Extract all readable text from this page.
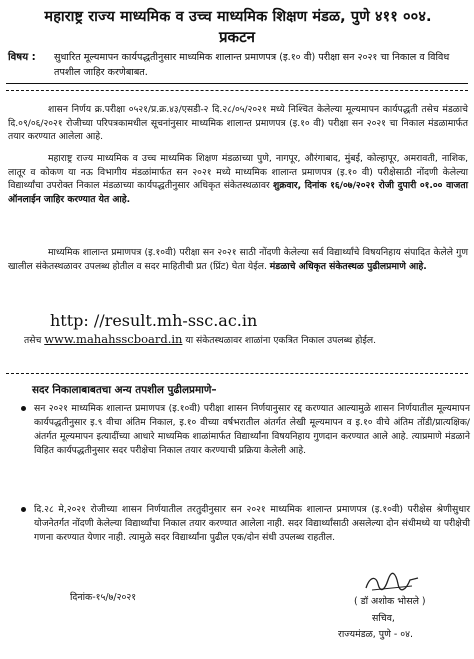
महाराष्ट्र राज्य माध्यमिक व उच्च माध्यमिक शिक्षण मंडळ, पुणे ४११ ००४.
प्रकटन
विषय : सुधारित मूल्यमापन कार्यपद्धतीनुसार माध्यमिक शालान्त प्रमाणपत्र (इ.१० वी) परीक्षा सन २०२१ चा निकाल व विविध तपशील जाहिर करणेबाबत.
शासन निर्णय क्र.परीक्षा ०५२१/प्र.क्र.४३/एसडी-२ दि.२८/०५/२०२१ मध्ये निश्चित केलेल्या मूल्यमापन कार्यपद्धती तसेच मंडळाचे दि.०९/०६/२०२१ रोजीच्या परिपत्रकामधील सूचनांनुसार माध्यमिक शालान्त प्रमाणपत्र (इ.१० वी) परीक्षा सन २०२१ चा निकाल मंडळामार्फत तयार करण्यात आलेला आहे.
महाराष्ट्र राज्य माध्यमिक व उच्च माध्यमिक शिक्षण मंडळाच्या पुणे, नागपूर, औरंगाबाद, मुंबई, कोल्हापूर, अमरावती, नाशिक, लातूर व कोकण या नऊ विभागीय मंडळांमार्फत सन २०२१ मध्ये माध्यमिक शालान्त प्रमाणपत्र (इ.१० वी) परीक्षेसाठी नोंदणी केलेल्या विद्यार्थ्यांचा उपरोक्त निकाल मंडळाच्या कार्यपद्धतीनुसार अधिकृत संकेतस्थळावर शुक्रवार, दिनांक १६/०७/२०२१ रोजी दुपारी ०१.०० वाजता ऑनलाईन जाहिर करण्यात येत आहे.
माध्यमिक शालान्त प्रमाणपत्र (इ.१०वी) परीक्षा सन २०२१ साठी नोंदणी केलेल्या सर्व विद्यार्थ्यांचे विषयनिहाय संपादित केलेले गुण खालील संकेतस्थळावर उपलब्ध होतील व सदर माहितीची प्रत (प्रिंट) घेता येईल. मंडळाचे अधिकृत संकेतस्थळ पुढीलप्रमाणे आहे.
http: //result.mh-ssc.ac.in
तसेच www.mahahsscboard.in या संकेतस्थळावर शाळांना एकत्रित निकाल उपलब्ध होईल.
सदर निकालाबाबतचा अन्य तपशील पुढीलप्रमाणे–
सन २०२१ माध्यमिक शालान्त प्रमाणपत्र (इ.१०वी) परीक्षा शासन निर्णयानुसार रद्द करण्यात आल्यामुळे शासन निर्णयातील मूल्यमापन कार्यपद्धतीनुसार इ.९ वीचा अंतिम निकाल, इ.१० वीच्या वर्षभरातील अंतर्गत लेखी मूल्यमापन व इ.१० वीचे अंतिम तोंडी/प्रात्यक्षिक/अंतर्गत मूल्यमापन इत्यादींच्या आधारे माध्यमिक शाळांमार्फत विद्यार्थ्यांना विषयनिहाय गुणदान करण्यात आले आहे. त्याप्रमाणे मंडळाने विहित कार्यपद्धतीनुसार सदर परीक्षेचा निकाल तयार करण्याची प्रक्रिया केलेली आहे.
दि.२८ मे,२०२१ रोजीच्या शासन निर्णयातील तरतुदीनुसार सन २०२१ माध्यमिक शालान्त प्रमाणपत्र (इ.१०वी) परीक्षेस श्रेणीसुधार योजनेतर्गत नोंदणी केलेल्या विद्यार्थ्यांचा निकाल तयार करण्यात आलेला नाही. सदर विद्यार्थ्यांसाठी असलेल्या दोन संधीमध्ये या परीक्षेची गणना करण्यात येणार नाही. त्यामुळे सदर विद्यार्थ्यांना पुढील एक/दोन संधी उपलब्ध राहतील.
दिनांक-१५/७/२०२१	( डॉ अशोक भोसले )
सचिव,
राज्यमंडळ, पुणे - ०४.
